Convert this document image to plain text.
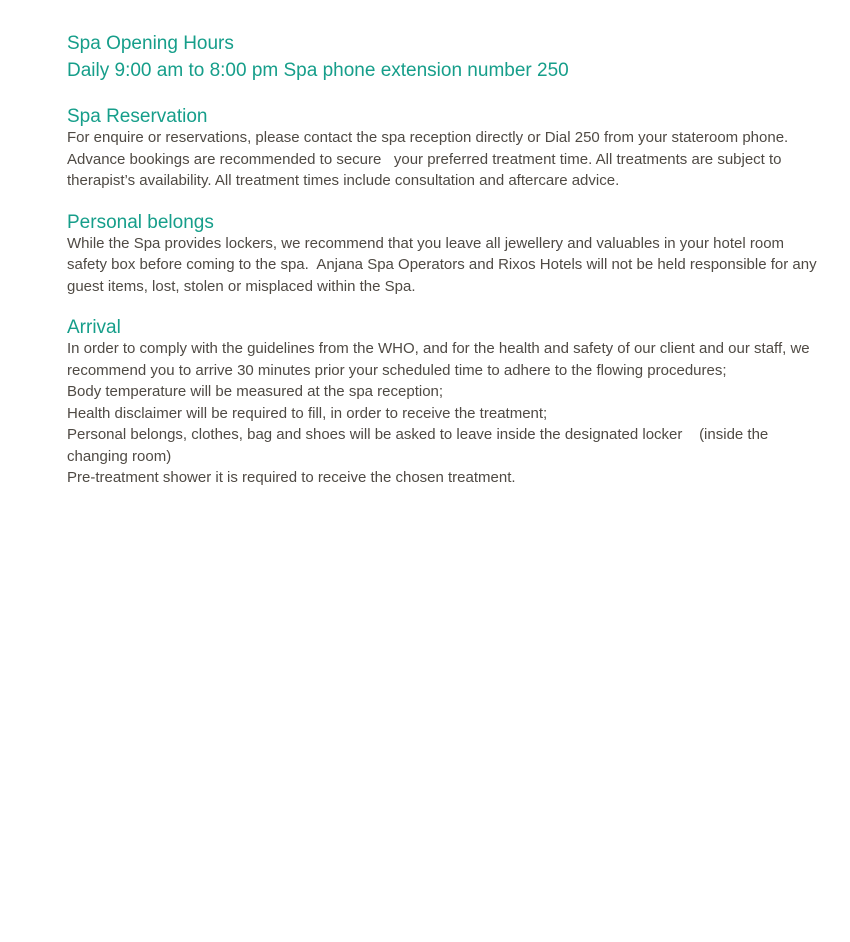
Spa Opening Hours
Daily 9:00 am to 8:00 pm Spa phone extension number 250
Spa Reservation

For enquire or reservations, please contact the spa reception directly or Dial 250 from your stateroom phone. Advance bookings are recommended to secure   your preferred treatment time. All treatments are subject to therapist’s availability. All treatment times include consultation and aftercare advice.

Personal belongs

While the Spa provides lockers, we recommend that you leave all jewellery and valuables in your hotel room safety box before coming to the spa.  Anjana Spa Operators and Rixos Hotels will not be held responsible for any guest items, lost, stolen or misplaced within the Spa.

Arrival

In order to comply with the guidelines from the WHO, and for the health and safety of our client and our staff, we recommend you to arrive 30 minutes prior your scheduled time to adhere to the flowing procedures;

Body temperature will be measured at the spa reception;

Health disclaimer will be required to fill, in order to receive the treatment;

Personal belongs, clothes, bag and shoes will be asked to leave inside the designated locker    (inside the changing room)

Pre-treatment shower it is required to receive the chosen treatment.
